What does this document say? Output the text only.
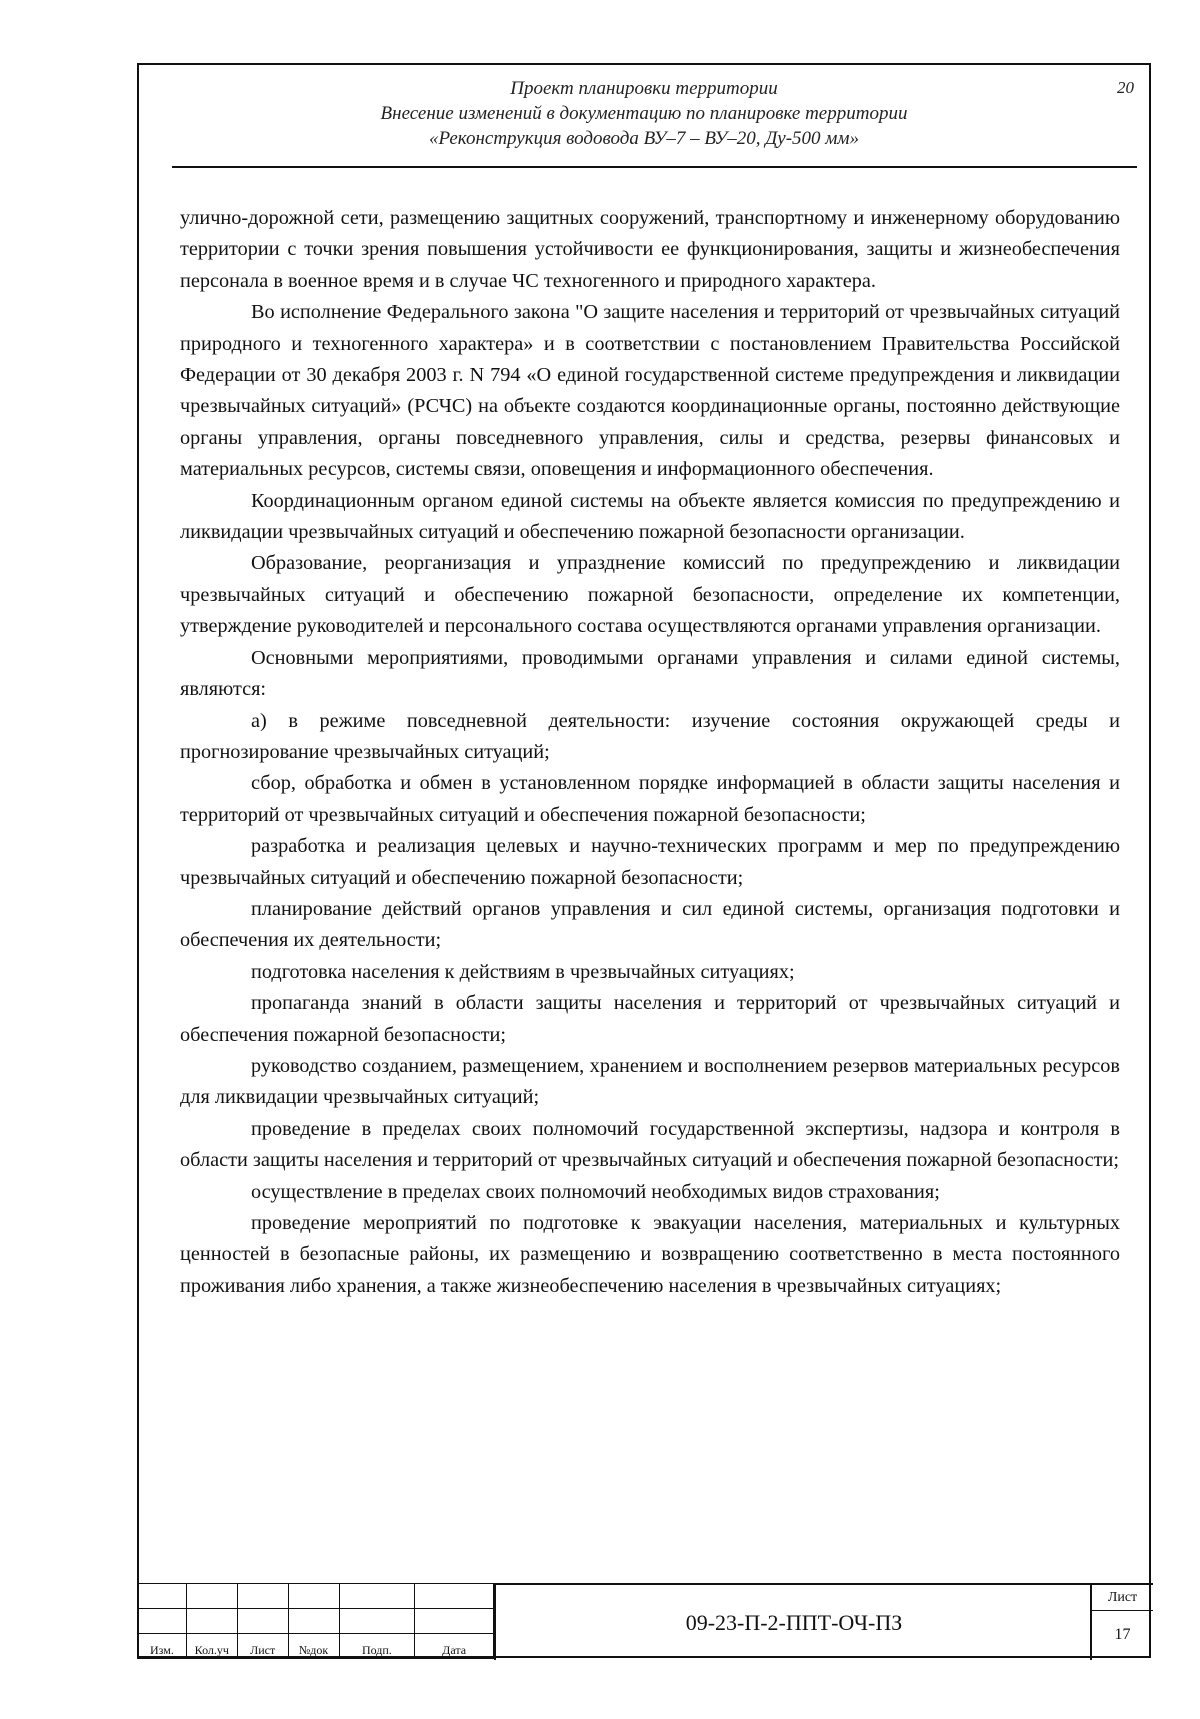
Проект планировки территории
Внесение изменений в документацию по планировке территории
«Реконструкция водовода ВУ–7 – ВУ–20, Ду-500 мм»
20

улично-дорожной сети, размещению защитных сооружений, транспортному и инженерному оборудованию территории с точки зрения повышения устойчивости ее функционирования, защиты и жизнеобеспечения персонала в военное время и в случае ЧС техногенного и природного характера.

Во исполнение Федерального закона "О защите населения и территорий от чрезвычайных ситуаций природного и техногенного характера» и в соответствии с постановлением Правительства Российской Федерации от 30 декабря 2003 г. N 794 «О единой государственной системе предупреждения и ликвидации чрезвычайных ситуаций» (РСЧС) на объекте создаются координационные органы, постоянно действующие органы управления, органы повседневного управления, силы и средства, резервы финансовых и материальных ресурсов, системы связи, оповещения и информационного обеспечения.

Координационным органом единой системы на объекте является комиссия по предупреждению и ликвидации чрезвычайных ситуаций и обеспечению пожарной безопасности организации.

Образование, реорганизация и упразднение комиссий по предупреждению и ликвидации чрезвычайных ситуаций и обеспечению пожарной безопасности, определение их компетенции, утверждение руководителей и персонального состава осуществляются органами управления организации.

Основными мероприятиями, проводимыми органами управления и силами единой системы, являются:

а) в режиме повседневной деятельности: изучение состояния окружающей среды и прогнозирование чрезвычайных ситуаций;

сбор, обработка и обмен в установленном порядке информацией в области защиты населения и территорий от чрезвычайных ситуаций и обеспечения пожарной безопасности;

разработка и реализация целевых и научно-технических программ и мер по предупреждению чрезвычайных ситуаций и обеспечению пожарной безопасности;

планирование действий органов управления и сил единой системы, организация подготовки и обеспечения их деятельности;

подготовка населения к действиям в чрезвычайных ситуациях;

пропаганда знаний в области защиты населения и территорий от чрезвычайных ситуаций и обеспечения пожарной безопасности;

руководство созданием, размещением, хранением и восполнением резервов материальных ресурсов для ликвидации чрезвычайных ситуаций;

проведение в пределах своих полномочий государственной экспертизы, надзора и контроля в области защиты населения и территорий от чрезвычайных ситуаций и обеспечения пожарной безопасности;

осуществление в пределах своих полномочий необходимых видов страхования;

проведение мероприятий по подготовке к эвакуации населения, материальных и культурных ценностей в безопасные районы, их размещению и возвращению соответственно в места постоянного проживания либо хранения, а также жизнеобеспечению населения в чрезвычайных ситуациях;

Изм.	Кол.уч	Лист	№док	Подп.	Дата
09-23-П-2-ППТ-ОЧ-ПЗ
Лист
17
